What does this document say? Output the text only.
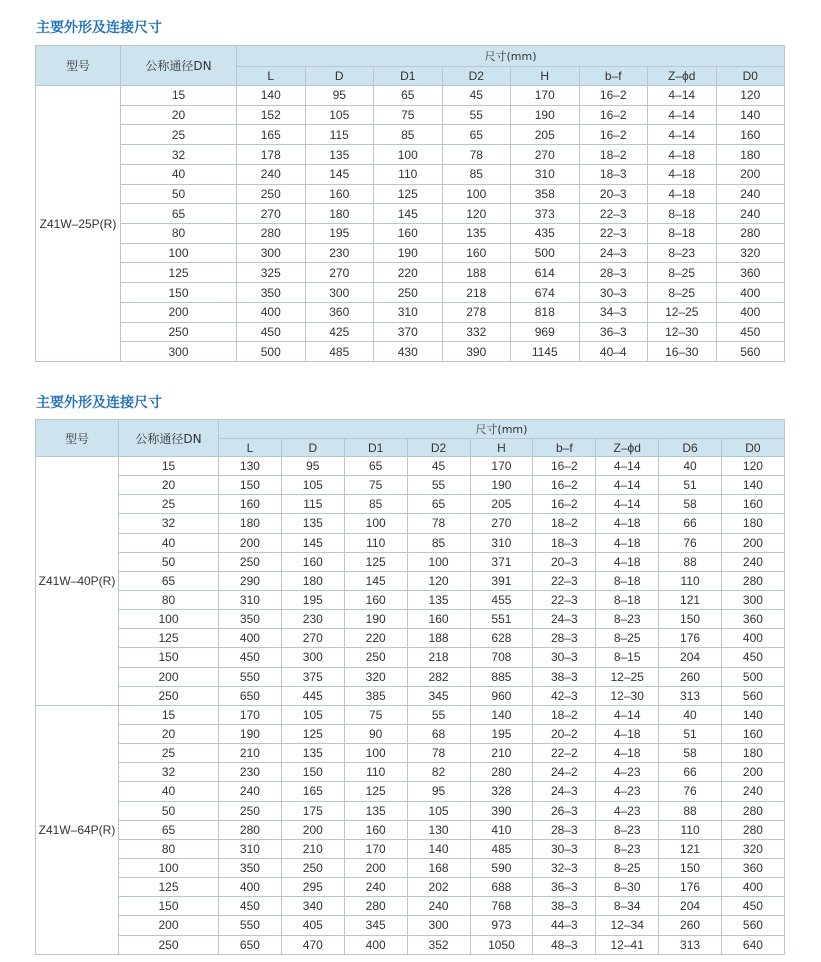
主要外形及连接尺寸
型号	公称通径DN	尺寸(mm)							
		L	D	D1	D2	H	b–f	Z–ϕd	D0
Z41W–25P(R)	15	140	95	65	45	170	16–2	4–14	120
	20	152	105	75	55	190	16–2	4–14	140
	25	165	115	85	65	205	16–2	4–14	160
	32	178	135	100	78	270	18–2	4–18	180
	40	240	145	110	85	310	18–3	4–18	200
	50	250	160	125	100	358	20–3	4–18	240
	65	270	180	145	120	373	22–3	8–18	240
	80	280	195	160	135	435	22–3	8–18	280
	100	300	230	190	160	500	24–3	8–23	320
	125	325	270	220	188	614	28–3	8–25	360
	150	350	300	250	218	674	30–3	8–25	400
	200	400	360	310	278	818	34–3	12–25	400
	250	450	425	370	332	969	36–3	12–30	450
	300	500	485	430	390	1145	40–4	16–30	560
主要外形及连接尺寸
型号	公称通径DN	尺寸(mm)								
		L	D	D1	D2	H	b–f	Z–ϕd	D6	D0
Z41W–40P(R)	15	130	95	65	45	170	16–2	4–14	40	120
	20	150	105	75	55	190	16–2	4–14	51	140
	25	160	115	85	65	205	16–2	4–14	58	160
	32	180	135	100	78	270	18–2	4–18	66	180
	40	200	145	110	85	310	18–3	4–18	76	200
	50	250	160	125	100	371	20–3	4–18	88	240
	65	290	180	145	120	391	22–3	8–18	110	280
	80	310	195	160	135	455	22–3	8–18	121	300
	100	350	230	190	160	551	24–3	8–23	150	360
	125	400	270	220	188	628	28–3	8–25	176	400
	150	450	300	250	218	708	30–3	8–15	204	450
	200	550	375	320	282	885	38–3	12–25	260	500
	250	650	445	385	345	960	42–3	12–30	313	560
Z41W–64P(R)	15	170	105	75	55	140	18–2	4–14	40	140
	20	190	125	90	68	195	20–2	4–18	51	160
	25	210	135	100	78	210	22–2	4–18	58	180
	32	230	150	110	82	280	24–2	4–23	66	200
	40	240	165	125	95	328	24–3	4–23	76	240
	50	250	175	135	105	390	26–3	4–23	88	280
	65	280	200	160	130	410	28–3	8–23	110	280
	80	310	210	170	140	485	30–3	8–23	121	320
	100	350	250	200	168	590	32–3	8–25	150	360
	125	400	295	240	202	688	36–3	8–30	176	400
	150	450	340	280	240	768	38–3	8–34	204	450
	200	550	405	345	300	973	44–3	12–34	260	560
	250	650	470	400	352	1050	48–3	12–41	313	640
